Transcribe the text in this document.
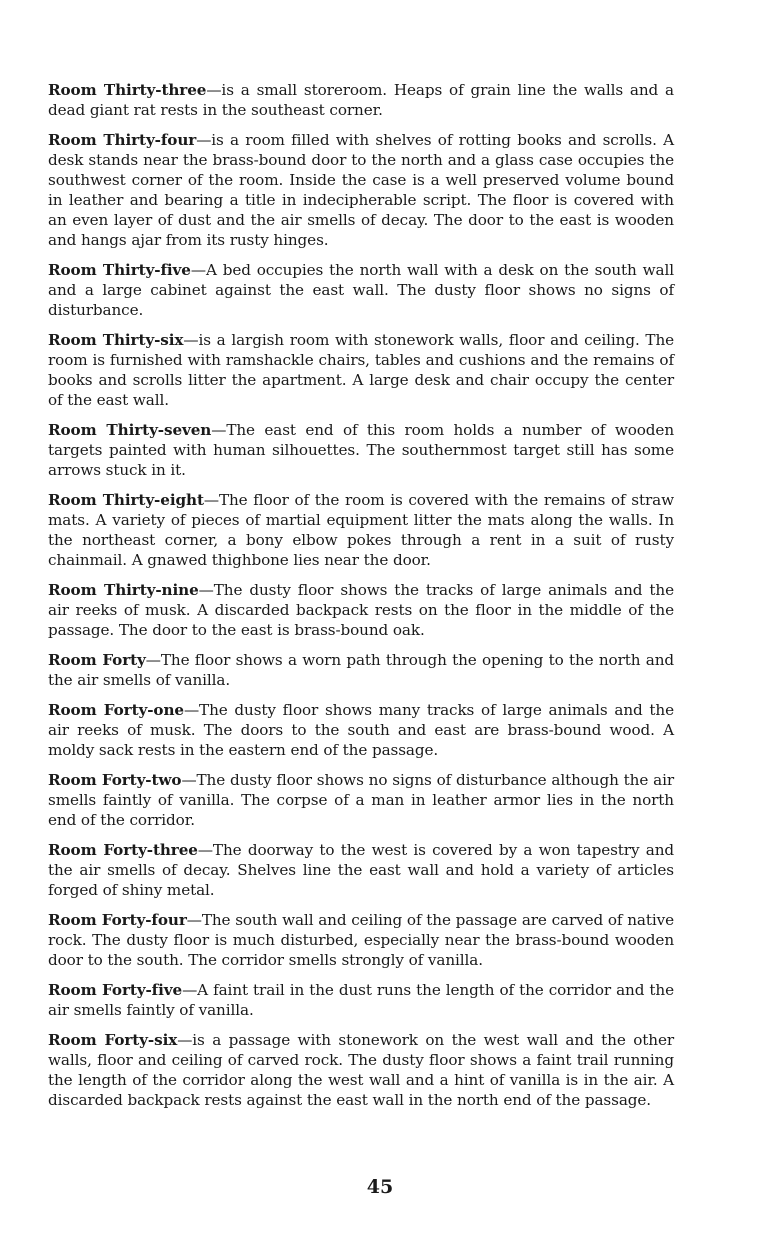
Room Thirty-three—is a small storeroom. Heaps of grain line the walls and a dead giant rat rests in the southeast corner.

Room Thirty-four—is a room filled with shelves of rotting books and scrolls. A desk stands near the brass-bound door to the north and a glass case occupies the southwest corner of the room. Inside the case is a well preserved volume bound in leather and bearing a title in indecipherable script. The floor is covered with an even layer of dust and the air smells of decay. The door to the east is wooden and hangs ajar from its rusty hinges.

Room Thirty-five—A bed occupies the north wall with a desk on the south wall and a large cabinet against the east wall. The dusty floor shows no signs of disturbance.

Room Thirty-six—is a largish room with stonework walls, floor and ceiling. The room is furnished with ramshackle chairs, tables and cushions and the remains of books and scrolls litter the apartment. A large desk and chair occupy the center of the east wall.

Room Thirty-seven—The east end of this room holds a number of wooden targets painted with human silhouettes. The southernmost target still has some arrows stuck in it.

Room Thirty-eight—The floor of the room is covered with the remains of straw mats. A variety of pieces of martial equipment litter the mats along the walls. In the northeast corner, a bony elbow pokes through a rent in a suit of rusty chainmail. A gnawed thighbone lies near the door.

Room Thirty-nine—The dusty floor shows the tracks of large animals and the air reeks of musk. A discarded backpack rests on the floor in the middle of the passage. The door to the east is brass-bound oak.

Room Forty—The floor shows a worn path through the opening to the north and the air smells of vanilla.

Room Forty-one—The dusty floor shows many tracks of large animals and the air reeks of musk. The doors to the south and east are brass-bound wood. A moldy sack rests in the eastern end of the passage.

Room Forty-two—The dusty floor shows no signs of disturbance although the air smells faintly of vanilla. The corpse of a man in leather armor lies in the north end of the corridor.

Room Forty-three—The doorway to the west is covered by a won tapestry and the air smells of decay. Shelves line the east wall and hold a variety of articles forged of shiny metal.

Room Forty-four—The south wall and ceiling of the passage are carved of native rock. The dusty floor is much disturbed, especially near the brass-bound wooden door to the south. The corridor smells strongly of vanilla.

Room Forty-five—A faint trail in the dust runs the length of the corridor and the air smells faintly of vanilla.

Room Forty-six—is a passage with stonework on the west wall and the other walls, floor and ceiling of carved rock. The dusty floor shows a faint trail running the length of the corridor along the west wall and a hint of vanilla is in the air. A discarded backpack rests against the east wall in the north end of the passage.

45
